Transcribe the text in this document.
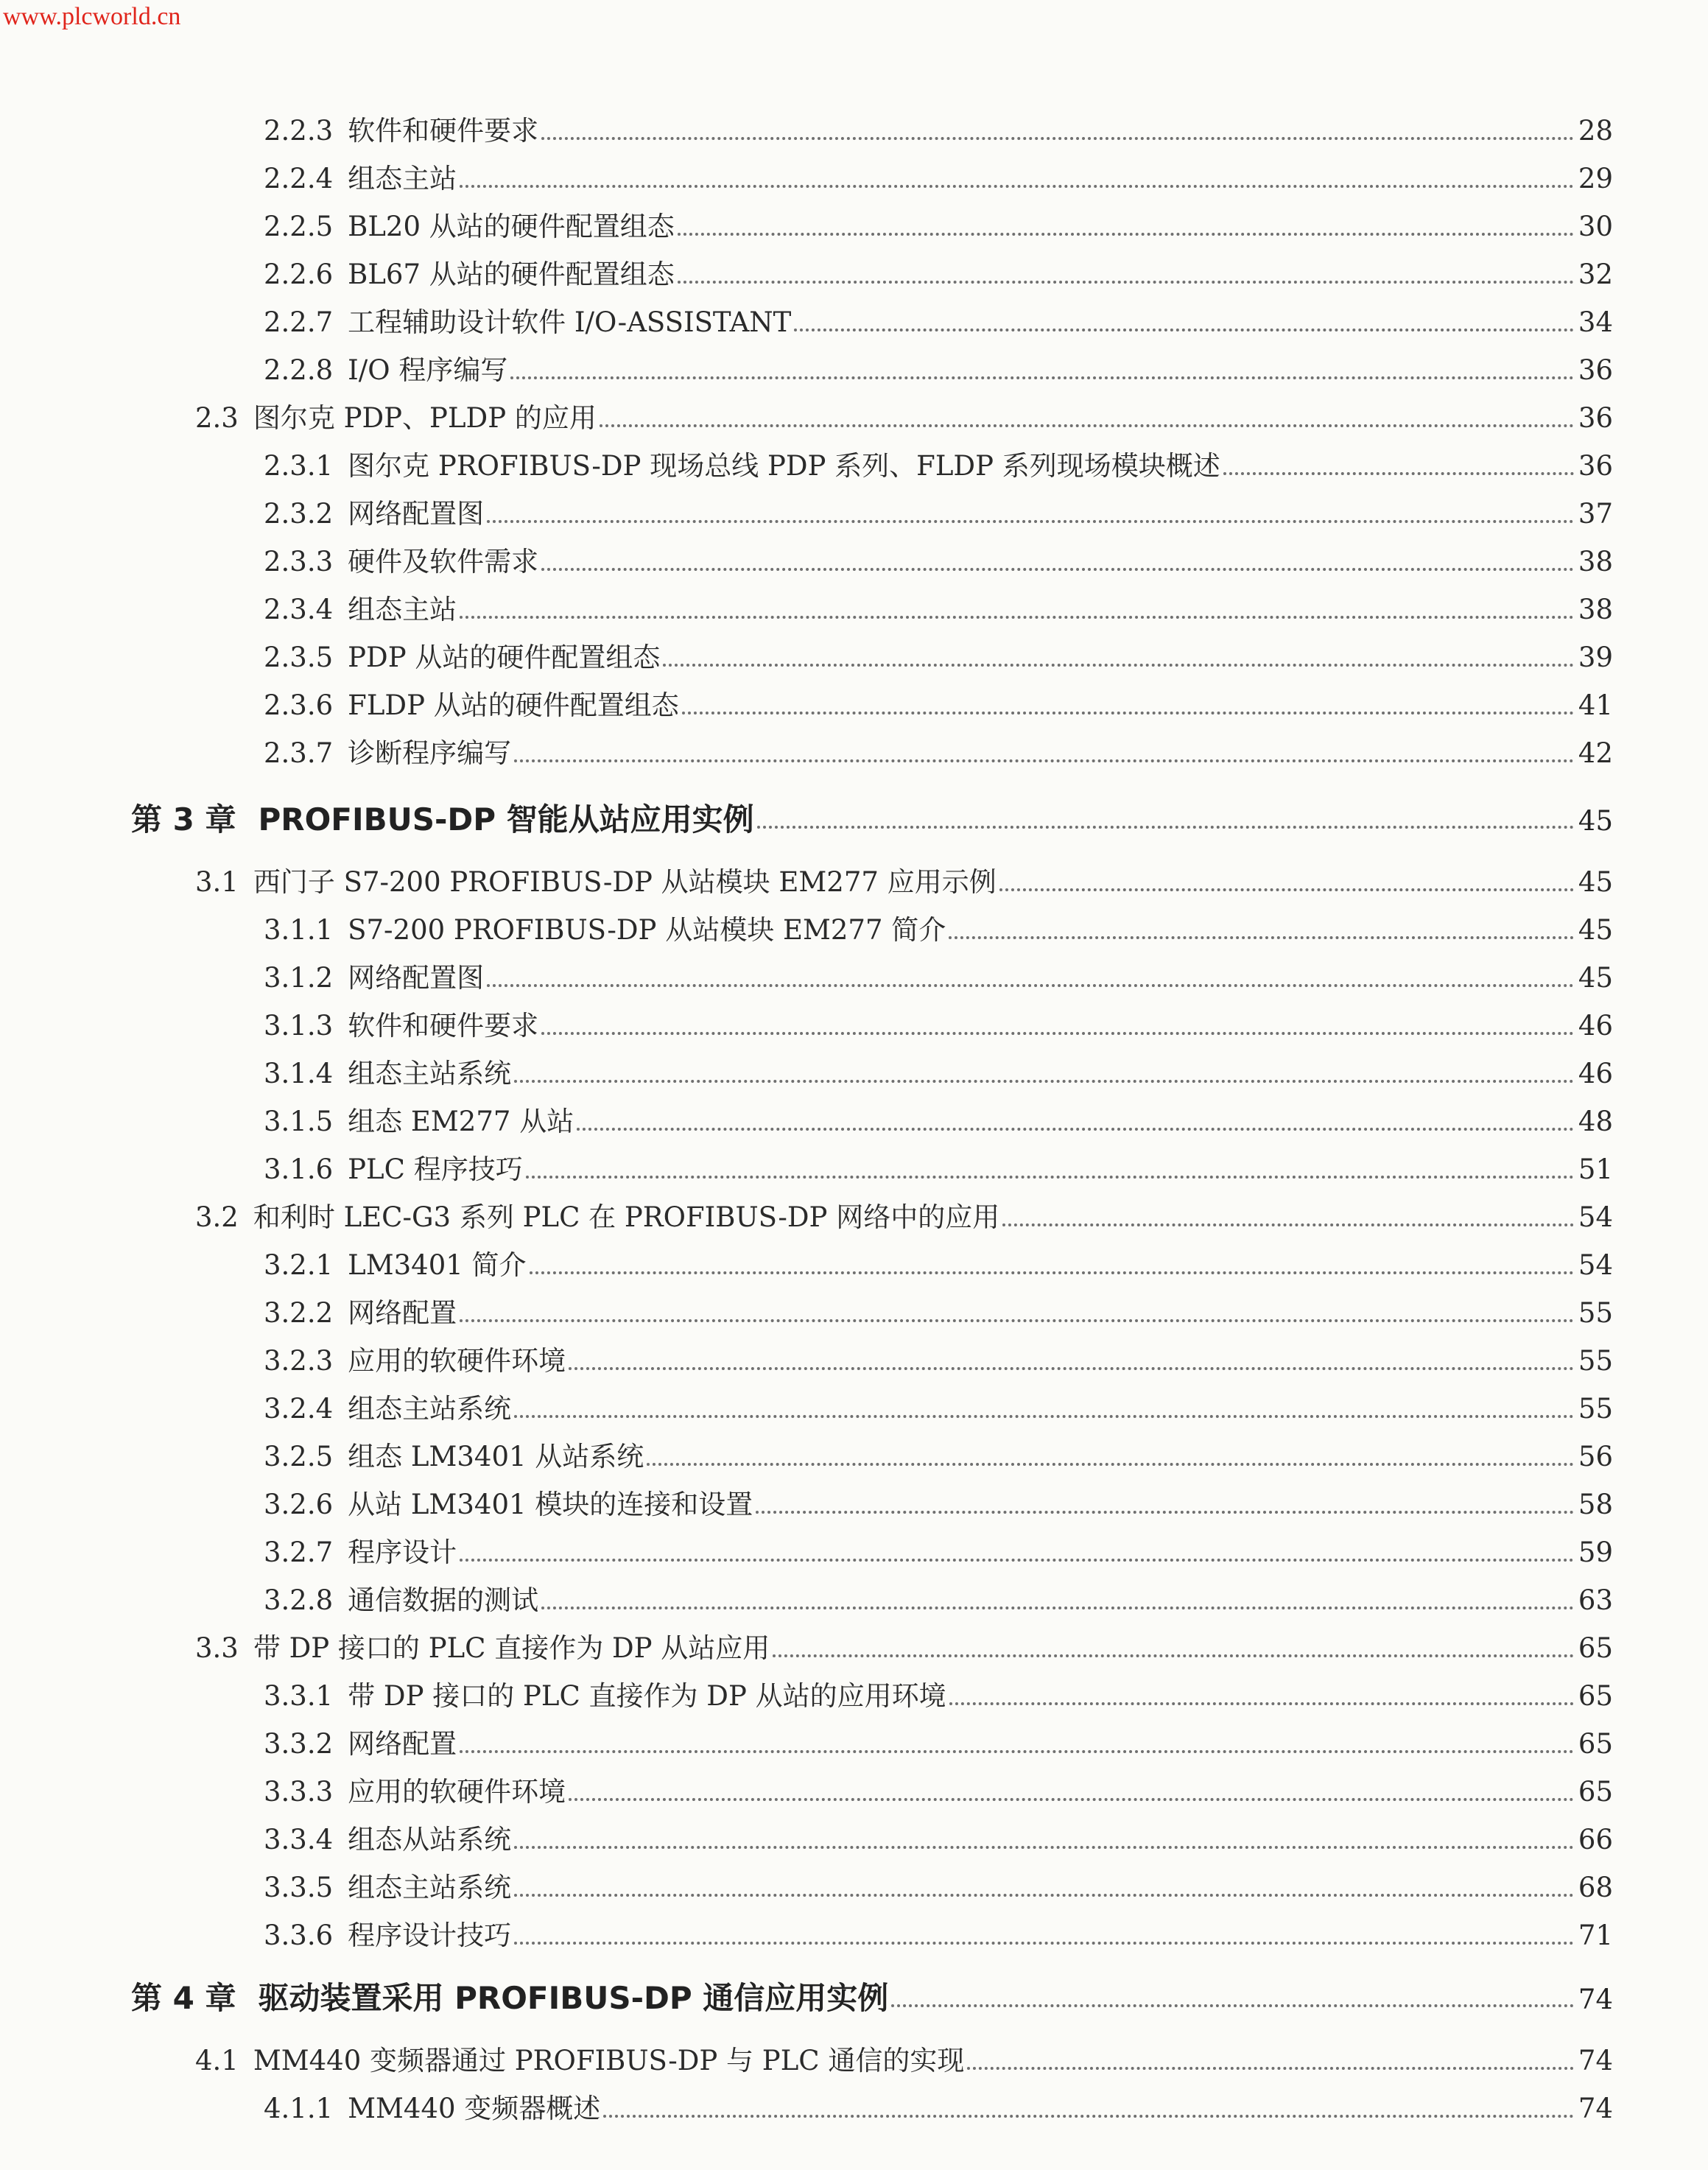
www.plcworld.cn
2.2.3 软件和硬件要求	28
2.2.4 组态主站	29
2.2.5 BL20 从站的硬件配置组态	30
2.2.6 BL67 从站的硬件配置组态	32
2.2.7 工程辅助设计软件 I/O-ASSISTANT	34
2.2.8 I/O 程序编写	36
2.3 图尔克 PDP、PLDP 的应用	36
2.3.1 图尔克 PROFIBUS-DP 现场总线 PDP 系列、FLDP 系列现场模块概述	36
2.3.2 网络配置图	37
2.3.3 硬件及软件需求	38
2.3.4 组态主站	38
2.3.5 PDP 从站的硬件配置组态	39
2.3.6 FLDP 从站的硬件配置组态	41
2.3.7 诊断程序编写	42
第 3 章 PROFIBUS-DP 智能从站应用实例	45
3.1 西门子 S7-200 PROFIBUS-DP 从站模块 EM277 应用示例	45
3.1.1 S7-200 PROFIBUS-DP 从站模块 EM277 简介	45
3.1.2 网络配置图	45
3.1.3 软件和硬件要求	46
3.1.4 组态主站系统	46
3.1.5 组态 EM277 从站	48
3.1.6 PLC 程序技巧	51
3.2 和利时 LEC-G3 系列 PLC 在 PROFIBUS-DP 网络中的应用	54
3.2.1 LM3401 简介	54
3.2.2 网络配置	55
3.2.3 应用的软硬件环境	55
3.2.4 组态主站系统	55
3.2.5 组态 LM3401 从站系统	56
3.2.6 从站 LM3401 模块的连接和设置	58
3.2.7 程序设计	59
3.2.8 通信数据的测试	63
3.3 带 DP 接口的 PLC 直接作为 DP 从站应用	65
3.3.1 带 DP 接口的 PLC 直接作为 DP 从站的应用环境	65
3.3.2 网络配置	65
3.3.3 应用的软硬件环境	65
3.3.4 组态从站系统	66
3.3.5 组态主站系统	68
3.3.6 程序设计技巧	71
第 4 章 驱动装置采用 PROFIBUS-DP 通信应用实例	74
4.1 MM440 变频器通过 PROFIBUS-DP 与 PLC 通信的实现	74
4.1.1 MM440 变频器概述	74
